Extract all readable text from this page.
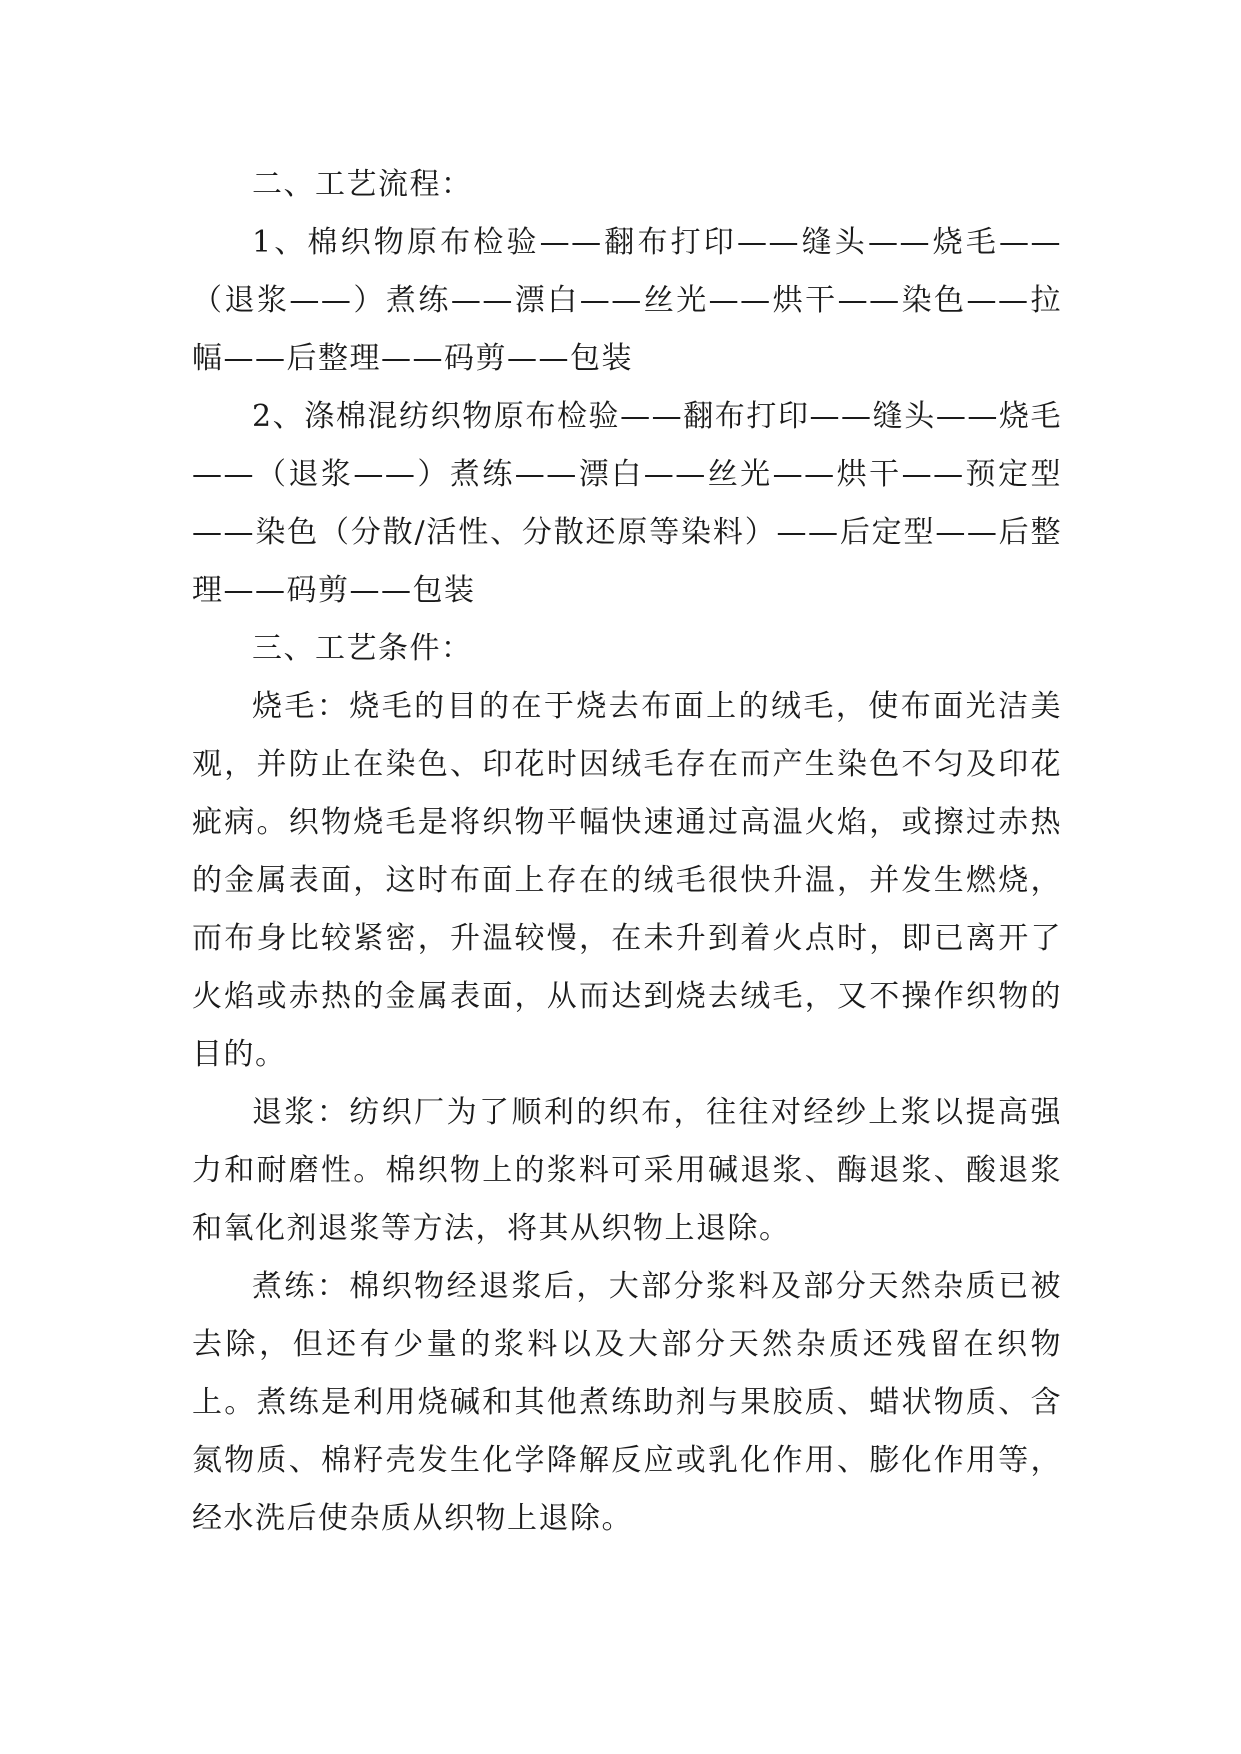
二、工艺流程：

1、棉织物原布检验——翻布打印——缝头——烧毛——（退浆——）煮练——漂白——丝光——烘干——染色——拉幅——后整理——码剪——包装

2、涤棉混纺织物原布检验——翻布打印——缝头——烧毛——（退浆——）煮练——漂白——丝光——烘干——预定型——染色（分散/活性、分散还原等染料）——后定型——后整理——码剪——包装

三、工艺条件：

烧毛：烧毛的目的在于烧去布面上的绒毛，使布面光洁美观，并防止在染色、印花时因绒毛存在而产生染色不匀及印花疵病。织物烧毛是将织物平幅快速通过高温火焰，或擦过赤热的金属表面，这时布面上存在的绒毛很快升温，并发生燃烧，而布身比较紧密，升温较慢，在未升到着火点时，即已离开了火焰或赤热的金属表面，从而达到烧去绒毛，又不操作织物的目的。

退浆：纺织厂为了顺利的织布，往往对经纱上浆以提高强力和耐磨性。棉织物上的浆料可采用碱退浆、酶退浆、酸退浆和氧化剂退浆等方法，将其从织物上退除。

煮练：棉织物经退浆后，大部分浆料及部分天然杂质已被去除，但还有少量的浆料以及大部分天然杂质还残留在织物上。煮练是利用烧碱和其他煮练助剂与果胶质、蜡状物质、含氮物质、棉籽壳发生化学降解反应或乳化作用、膨化作用等，经水洗后使杂质从织物上退除。
